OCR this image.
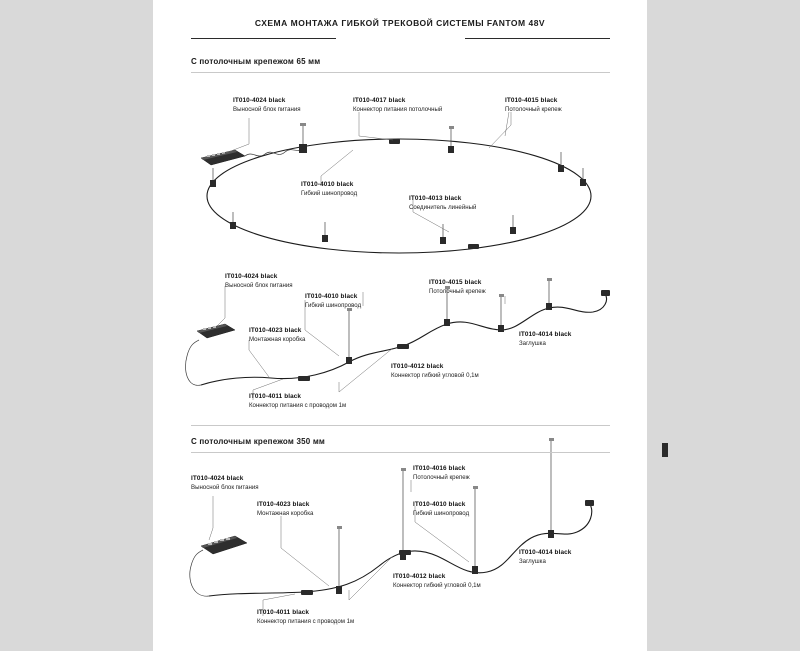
СХЕМА МОНТАЖА ГИБКОЙ ТРЕКОВОЙ СИСТЕМЫ FANTOM 48V
С потолочным крепежом 65 мм
IT010-4024 black
Выносной блок питания
IT010-4017 black
Коннектор питания потолочный
IT010-4015 black
Потолочный крепеж
IT010-4010 black
Гибкий шинопровод
IT010-4013 black
Соединитель линейный
IT010-4024 black
Выносной блок питания
IT010-4010 black
Гибкий шинопровод
IT010-4015 black
Потолочный крепеж
IT010-4023 black
Монтажная коробка
IT010-4014 black
Заглушка
IT010-4012 black
Коннектор гибкий угловой 0,1м
IT010-4011 black
Коннектор питания с проводом 1м
С потолочным крепежом 350 мм
IT010-4024 black
Выносной блок питания
IT010-4023 black
Монтажная коробка
IT010-4016 black
Потолочный крепеж
IT010-4010 black
Гибкий шинопровод
IT010-4014 black
Заглушка
IT010-4012 black
Коннектор гибкий угловой 0,1м
IT010-4011 black
Коннектор питания с проводом 1м
